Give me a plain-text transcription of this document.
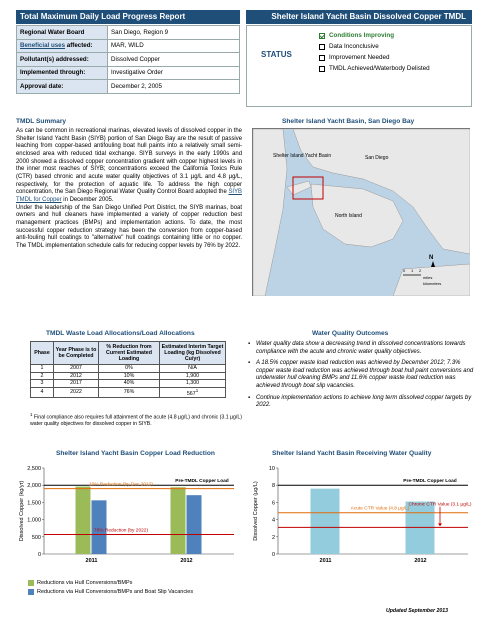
Total Maximum Daily Load Progress Report	Shelter Island Yacht Basin Dissolved Copper TMDL
Regional Water Board	San Diego, Region 9
Beneficial uses affected:	MAR, WILD
Pollutant(s) addressed:	Dissolved Copper
Implemented through:	Investigative Order
Approval date:	December 2, 2005
STATUS
Conditions Improving
Data Inconclusive
Improvement Needed
TMDL Achieved/Waterbody Delisted
TMDL Summary

As can be common in recreational marinas, elevated levels of dissolved copper in the Shelter Island Yacht Basin (SIYB) portion of San Diego Bay are the result of passive leaching from copper-based antifouling boat hull paints into a relatively small semi-enclosed area with reduced tidal exchange. SIYB surveys in the early 1990s and 2000 showed a dissolved copper concentration gradient with copper highest levels in the inner most reaches of SIYB; concentrations exceed the California Toxics Rule (CTR) based chronic and acute water quality objectives of 3.1 µg/L and 4.8 µg/L, respectively, for the protection of aquatic life. To address the high copper concentration, the San Diego Regional Water Quality Control Board adopted the SIYB TMDL for Copper in December 2005.

Under the leadership of the San Diego Unified Port District, the SIYB marinas, boat owners and hull cleaners have implemented a variety of copper reduction best management practices (BMPs) and implementation actions. To date, the most successful copper reduction strategy has been the conversion from copper-based anti-fouling hull coatings to "alternative" hull coatings containing little or no copper. The TMDL implementation schedule calls for reducing copper levels by 76% by 2022.

Shelter Island Yacht Basin, San Diego Bay
Shelter Island Yacht Basin	San Diego
North Island
miles
kilometers
0 1 2
N
TMDL Waste Load Allocations/Load Allocations
Phase	Year Phase is to be Completed	% Reduction from Current Estimated Loading	Estimated Interim Target Loading (kg Dissolved Cu/yr)
1	2007	0%	N/A
2	2012	10%	1,900
3	2017	40%	1,300
4	2022	76%	$567^1$
$^1$ Final compliance also requires full attainment of the acute (4.8 µg/L) and chronic (3.1 µg/L) water quality objectives for dissolved copper in SIYB.
Water Quality Outcomes
▪ Water quality data show a decreasing trend in dissolved concentrations towards compliance with the acute and chronic water quality objectives.
▪ A 18.5% copper waste load reduction was achieved by December 2012; 7.3% copper waste load reduction was achieved through boat hull paint conversions and underwater hull cleaning BMPs and 11.6% copper waste load reduction was achieved through boat slip vacancies.
▪ Continue implementation actions to achieve long term dissolved copper targets by 2022.
Shelter Island Yacht Basin Copper Load Reduction
Dissolved Copper (kg/yr)
0
500
1,000
1,500
2,000
2,500
2011	2012
Pre-TMDL Copper Load
10% Reduction (by Dec 2012)
76% Reduction (by 2022)
Reductions via Hull Conversions/BMPs
Reductions via Hull Conversions/BMPs and Boat Slip Vacancies
Shelter Island Yacht Basin Receiving Water Quality
Dissolved Copper (µg/L)
0
2
4
6
8
10
2011	2012
Pre-TMDL Copper Load
Acute CTR Value (4.8 µg/L)
Chronic CTR Value (3.1 µg/L)
Updated September 2013
